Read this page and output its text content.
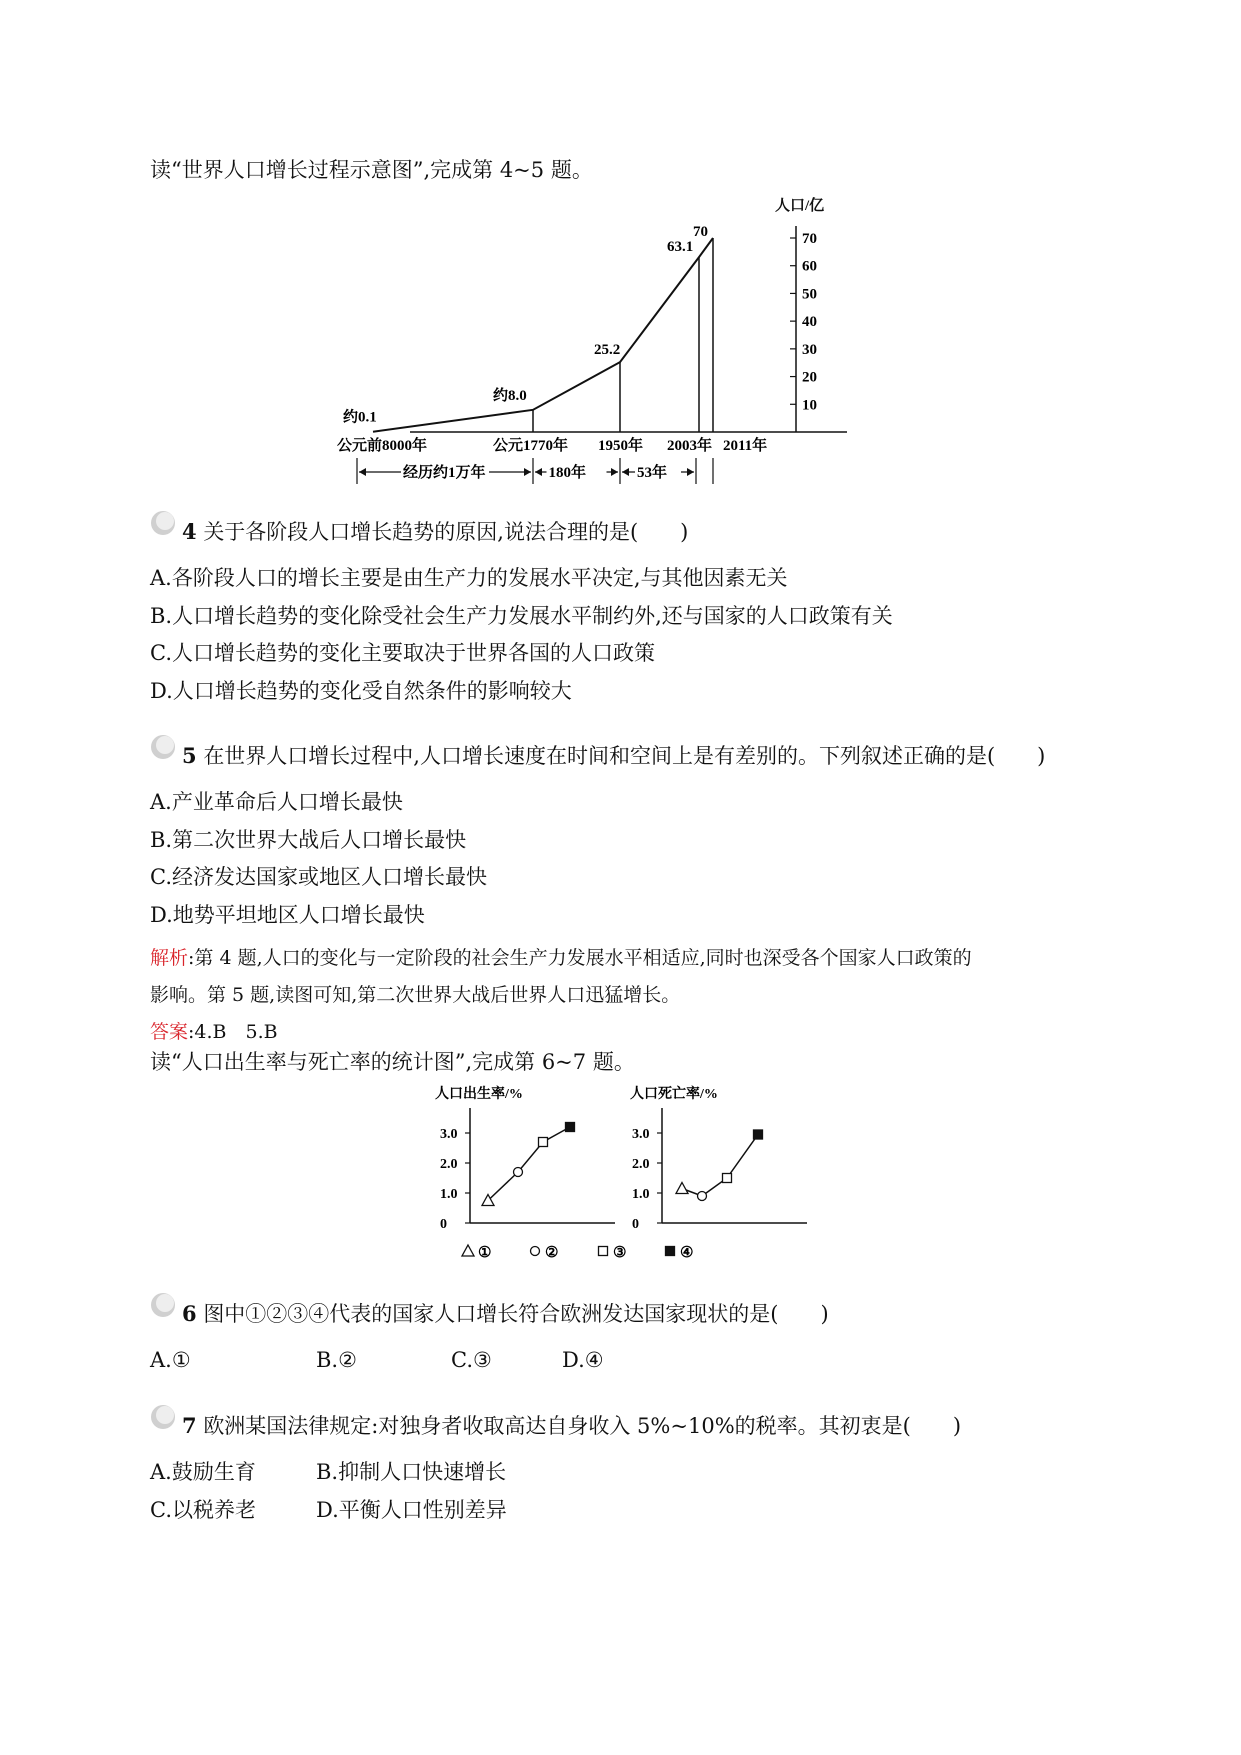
读“世界人口增长过程示意图”,完成第 4~5 题。
人口/亿
10
20
30
40
50
60
70
约0.1
约8.0
25.2
63.1
70
公元前8000年	公元1770年 1950年 2003年 2011年
经历约1万年	180年	53年
4 关于各阶段人口增长趋势的原因,说法合理的是(　　)
A.各阶段人口的增长主要是由生产力的发展水平决定,与其他因素无关
B.人口增长趋势的变化除受社会生产力发展水平制约外,还与国家的人口政策有关
C.人口增长趋势的变化主要取决于世界各国的人口政策
D.人口增长趋势的变化受自然条件的影响较大
5 在世界人口增长过程中,人口增长速度在时间和空间上是有差别的。下列叙述正确的是(　　)
A.产业革命后人口增长最快
B.第二次世界大战后人口增长最快
C.经济发达国家或地区人口增长最快
D.地势平坦地区人口增长最快
解析:第 4 题,人口的变化与一定阶段的社会生产力发展水平相适应,同时也深受各个国家人口政策的
影响。第 5 题,读图可知,第二次世界大战后世界人口迅猛增长。
答案:4.B　5.B
读“人口出生率与死亡率的统计图”,完成第 6~7 题。
人口出生率/%	人口死亡率/%
0
1.0
2.0
3.0
0
1.0
2.0
3.0
①	②	③	④
6 图中①②③④代表的国家人口增长符合欧洲发达国家现状的是(　　)
A.①	B.②	C.③	D.④
7 欧洲某国法律规定:对独身者收取高达自身收入 5%~10%的税率。其初衷是(　　)
A.鼓励生育	B.抑制人口快速增长
C.以税养老	D.平衡人口性别差异
